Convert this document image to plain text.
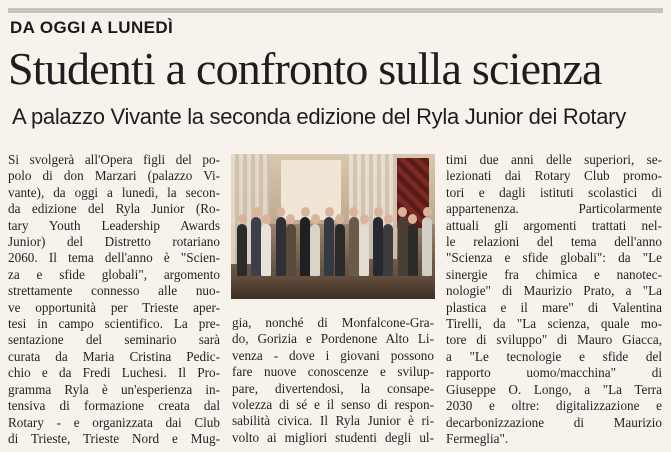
DA OGGI A LUNEDÌ
Studenti a confronto sulla scienza
A palazzo Vivante la seconda edizione del Ryla Junior dei Rotary
Si svolgerà all'Opera figli del po-
polo di don Marzari (palazzo Vi-
vante), da oggi a lunedì, la secon-
da edizione del Ryla Junior (Ro-
tary Youth Leadership Awards
Junior) del Distretto rotariano
2060. Il tema dell'anno è "Scien-
za e sfide globali", argomento
strettamente connesso alle nuo-
ve opportunità per Trieste aper-
tesi in campo scientifico. La pre-
sentazione del seminario sarà
curata da Maria Cristina Pedic-
chio e da Fredi Luchesi. Il Pro-
gramma Ryla è un'esperienza in-
tensiva di formazione creata dal
Rotary - e organizzata dai Club
di Trieste, Trieste Nord e Mug-
gia, nonché di Monfalcone-Gra-
do, Gorizia e Pordenone Alto Li-
venza - dove i giovani possono
fare nuove conoscenze e svilup-
pare, divertendosi, la consape-
volezza di sé e il senso di respon-
sabilità civica. Il Ryla Junior è ri-
volto ai migliori studenti degli ul-
timi due anni delle superiori, se-
lezionati dai Rotary Club promo-
tori e dagli istituti scolastici di
appartenenza. Particolarmente
attuali gli argomenti trattati nel-
le relazioni del tema dell'anno
"Scienza e sfide globali": da "Le
sinergie fra chimica e nanotec-
nologie" di Maurizio Prato, a "La
plastica e il mare" di Valentina
Tirelli, da "La scienza, quale mo-
tore di sviluppo" di Mauro Giacca,
a "Le tecnologie e sfide del
rapporto uomo/macchina" di
Giuseppe O. Longo, a "La Terra
2030 e oltre: digitalizzazione e
decarbonizzazione di Maurizio
Fermeglia".
